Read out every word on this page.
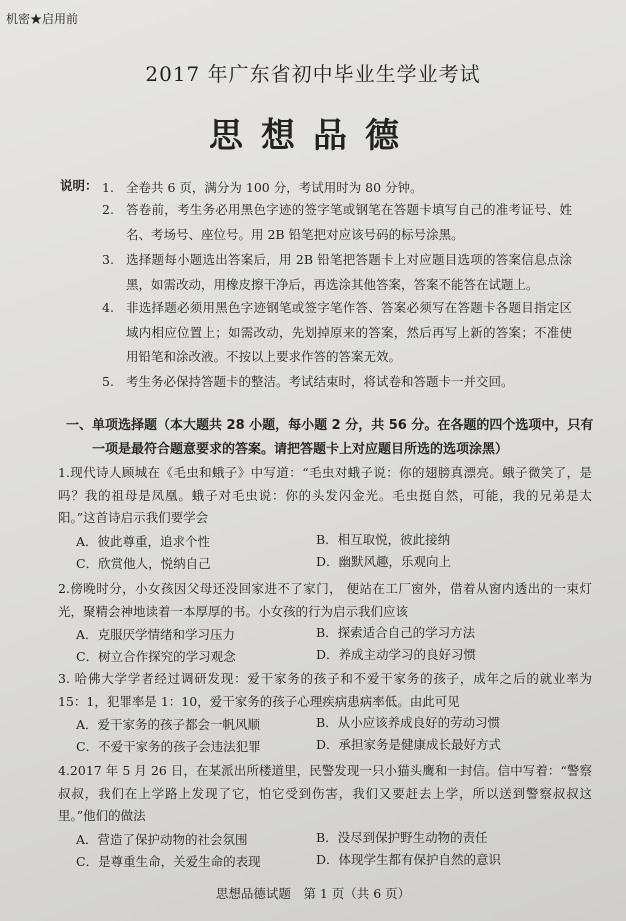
机密★启用前
2017 年广东省初中毕业生学业考试
思想品德
说明： 1. 全卷共 6 页，满分为 100 分，考试用时为 80 分钟。
2. 答卷前，考生务必用黑色字迹的签字笔或钢笔在答题卡填写自己的准考证号、姓名、考场号、座位号。用 2B 铅笔把对应该号码的标号涂黑。
3. 选择题每小题选出答案后，用 2B 铅笔把答题卡上对应题目选项的答案信息点涂黑，如需改动，用橡皮擦干净后，再选涂其他答案，答案不能答在试题上。
4. 非选择题必须用黑色字迹钢笔或签字笔作答、答案必须写在答题卡各题目指定区域内相应位置上；如需改动，先划掉原来的答案，然后再写上新的答案；不准使用铅笔和涂改液。不按以上要求作答的答案无效。
5. 考生务必保持答题卡的整洁。考试结束时，将试卷和答题卡一并交回。
一、单项选择题（本大题共 28 小题，每小题 2 分，共 56 分。在各题的四个选项中，只有一项是最符合题意要求的答案。请把答题卡上对应题目所选的选项涂黑）
1.现代诗人顾城在《毛虫和蛾子》中写道：“毛虫对蛾子说：你的翅膀真漂亮。蛾子微笑了，是吗？我的祖母是凤凰。蛾子对毛虫说：你的头发闪金光。毛虫挺自然，可能，我的兄弟是太阳。”这首诗启示我们要学会
A．彼此尊重，追求个性	B．相互取悦，彼此接纳
C．欣赏他人，悦纳自己	D．幽默风趣，乐观向上
2.傍晚时分，小女孩因父母还没回家进不了家门， 便站在工厂窗外，借着从窗内透出的一束灯光，聚精会神地读着一本厚厚的书。小女孩的行为启示我们应该
A．克服厌学情绪和学习压力	B．探索适合自己的学习方法
C．树立合作探究的学习观念	D．养成主动学习的良好习惯
3. 哈佛大学学者经过调研发现：爱干家务的孩子和不爱干家务的孩子，成年之后的就业率为 15：1，犯罪率是 1：10，爱干家务的孩子心理疾病患病率低。由此可见
A．爱干家务的孩子都会一帆风顺	B．从小应该养成良好的劳动习惯
C．不爱干家务的孩子会违法犯罪	D．承担家务是健康成长最好方式
4.2017 年 5 月 26 日，在某派出所楼道里，民警发现一只小猫头鹰和一封信。信中写着：“警察叔叔，我们在上学路上发现了它，怕它受到伤害，我们又要赶去上学，所以送到警察叔叔这里。”他们的做法
A．营造了保护动物的社会氛围	B．没尽到保护野生动物的责任
C．是尊重生命，关爱生命的表现	D．体现学生都有保护自然的意识
思想品德试题　第 1 页（共 6 页）
